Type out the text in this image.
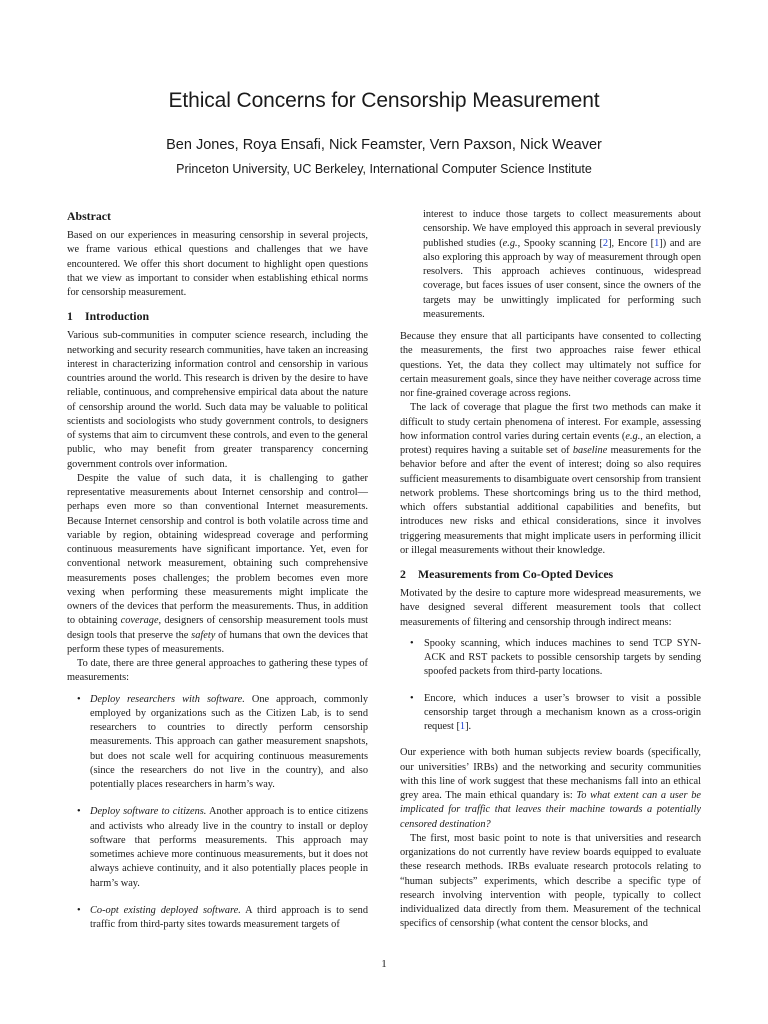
Ethical Concerns for Censorship Measurement
Ben Jones, Roya Ensafi, Nick Feamster, Vern Paxson, Nick Weaver
Princeton University, UC Berkeley, International Computer Science Institute
Abstract

Based on our experiences in measuring censorship in several projects, we frame various ethical questions and challenges that we have encountered. We offer this short document to highlight open questions that we view as important to consider when establishing ethical norms for censorship measurement.

1 Introduction

Various sub-communities in computer science research, including the networking and security research communities, have taken an increasing interest in characterizing information control and censorship in various countries around the world. This research is driven by the desire to have reliable, continuous, and comprehensive empirical data about the nature of censorship around the world. Such data may be valuable to political scientists and sociologists who study government controls, to designers of systems that aim to circumvent these controls, and even to the general public, who may benefit from greater transparency concerning government controls over information.

Despite the value of such data, it is challenging to gather representative measurements about Internet censorship and control—perhaps even more so than conventional Internet measurements. Because Internet censorship and control is both volatile across time and variable by region, obtaining widespread coverage and performing continuous measurements have significant importance. Yet, even for conventional network measurement, obtaining such comprehensive measurements poses challenges; the problem becomes even more vexing when performing these measurements might implicate the owners of the devices that perform the measurements. Thus, in addition to obtaining coverage, designers of censorship measurement tools must design tools that preserve the safety of humans that own the devices that perform these types of measurements.

To date, there are three general approaches to gathering these types of measurements:

• Deploy researchers with software. One approach, commonly employed by organizations such as the Citizen Lab, is to send researchers to countries to directly perform censorship measurements. This approach can gather measurement snapshots, but does not scale well for acquiring continuous measurements (since the researchers do not live in the country), and also potentially places researchers in harm’s way.
• Deploy software to citizens. Another approach is to entice citizens and activists who already live in the country to install or deploy software that performs measurements. This approach may sometimes achieve more continuous measurements, but it does not always achieve continuity, and it also potentially places people in harm’s way.
• Co-opt existing deployed software. A third approach is to send traffic from third-party sites towards measurement targets of
interest to induce those targets to collect measurements about censorship. We have employed this approach in several previously published studies (e.g., Spooky scanning [2], Encore [1]) and are also exploring this approach by way of measurement through open resolvers. This approach achieves continuous, widespread coverage, but faces issues of user consent, since the owners of the targets may be unwittingly implicated for performing such measurements.

Because they ensure that all participants have consented to collecting the measurements, the first two approaches raise fewer ethical questions. Yet, the data they collect may ultimately not suffice for certain measurement goals, since they have neither coverage across time nor fine-grained coverage across regions.

The lack of coverage that plague the first two methods can make it difficult to study certain phenomena of interest. For example, assessing how information control varies during certain events (e.g., an election, a protest) requires having a suitable set of baseline measurements for the behavior before and after the event of interest; doing so also requires sufficient measurements to disambiguate overt censorship from transient network problems. These shortcomings bring us to the third method, which offers substantial additional capabilities and benefits, but introduces new risks and ethical considerations, since it involves triggering measurements that might implicate users in performing illicit or illegal measurements without their knowledge.

2 Measurements from Co-Opted Devices

Motivated by the desire to capture more widespread measurements, we have designed several different measurement tools that collect measurements of filtering and censorship through indirect means:

• Spooky scanning, which induces machines to send TCP SYN-ACK and RST packets to possible censorship targets by sending spoofed packets from third-party locations.
• Encore, which induces a user’s browser to visit a possible censorship target through a mechanism known as a cross-origin request [1].

Our experience with both human subjects review boards (specifically, our universities’ IRBs) and the networking and security communities with this line of work suggest that these mechanisms fall into an ethical grey area. The main ethical quandary is: To what extent can a user be implicated for traffic that leaves their machine towards a potentially censored destination?

The first, most basic point to note is that universities and research organizations do not currently have review boards equipped to evaluate these research methods. IRBs evaluate research protocols relating to “human subjects” experiments, which describe a specific type of research involving intervention with people, typically to collect individualized data directly from them. Measurement of the technical specifics of censorship (what content the censor blocks, and

1
